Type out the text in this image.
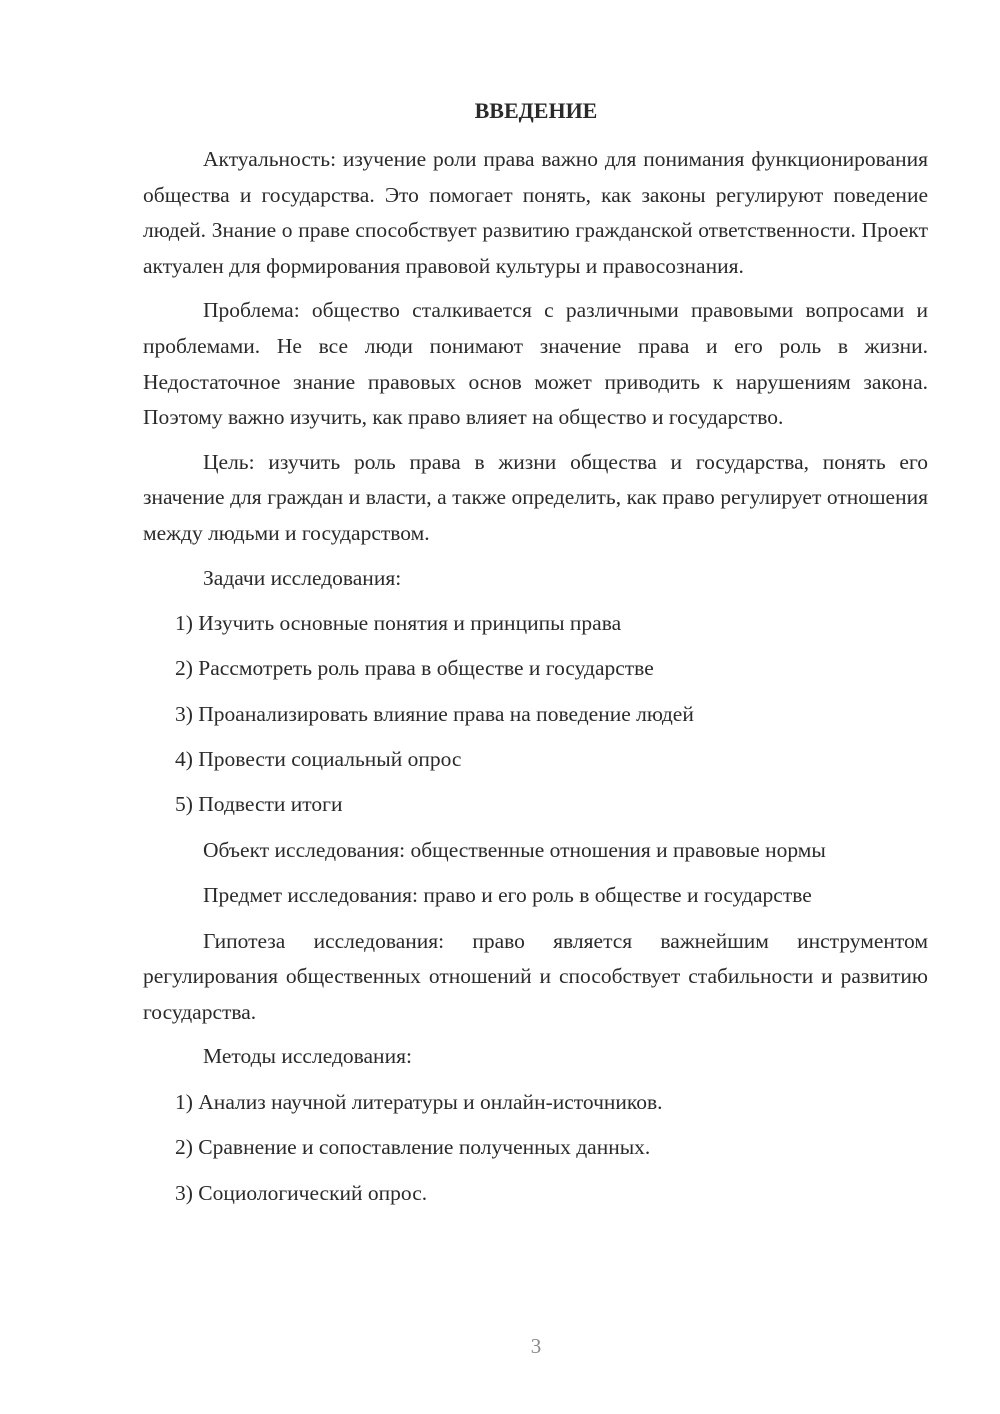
ВВЕДЕНИЕ

Актуальность: изучение роли права важно для понимания функционирования общества и государства. Это помогает понять, как законы регулируют поведение людей. Знание о праве способствует развитию гражданской ответственности. Проект актуален для формирования правовой культуры и правосознания.

Проблема: общество сталкивается с различными правовыми вопросами и проблемами. Не все люди понимают значение права и его роль в жизни. Недостаточное знание правовых основ может приводить к нарушениям закона. Поэтому важно изучить, как право влияет на общество и государство.

Цель: изучить роль права в жизни общества и государства, понять его значение для граждан и власти, а также определить, как право регулирует отношения между людьми и государством.

Задачи исследования:

1) Изучить основные понятия и принципы права

2) Рассмотреть роль права в обществе и государстве

3) Проанализировать влияние права на поведение людей

4) Провести социальный опрос

5) Подвести итоги

Объект исследования: общественные отношения и правовые нормы

Предмет исследования: право и его роль в обществе и государстве

Гипотеза исследования: право является важнейшим инструментом регулирования общественных отношений и способствует стабильности и развитию государства.

Методы исследования:

1) Анализ научной литературы и онлайн-источников.

2) Сравнение и сопоставление полученных данных.

3) Социологический опрос.

3
